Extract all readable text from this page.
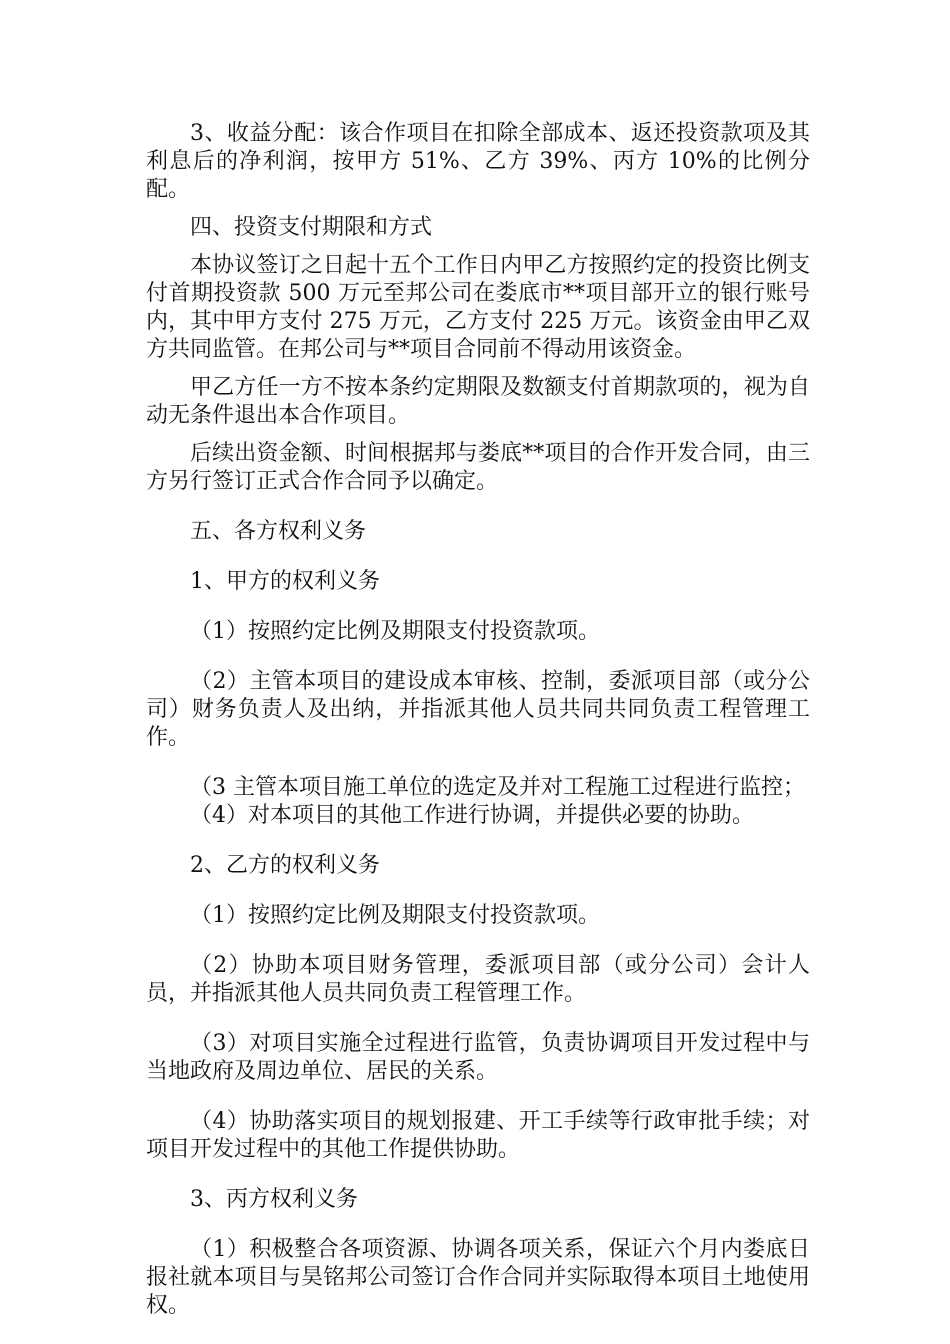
3、收益分配：该合作项目在扣除全部成本、返还投资款项及其利息后的净利润，按甲方 51%、乙方 39%、丙方 10%的比例分配。

四、投资支付期限和方式

本协议签订之日起十五个工作日内甲乙方按照约定的投资比例支付首期投资款 500 万元至邦公司在娄底市**项目部开立的银行账号内，其中甲方支付 275 万元，乙方支付 225 万元。该资金由甲乙双方共同监管。在邦公司与**项目合同前不得动用该资金。

甲乙方任一方不按本条约定期限及数额支付首期款项的，视为自动无条件退出本合作项目。

后续出资金额、时间根据邦与娄底**项目的合作开发合同，由三方另行签订正式合作合同予以确定。

五、各方权利义务

1、甲方的权利义务

（1）按照约定比例及期限支付投资款项。

（2）主管本项目的建设成本审核、控制，委派项目部（或分公司）财务负责人及出纳，并指派其他人员共同共同负责工程管理工作。

（3 主管本项目施工单位的选定及并对工程施工过程进行监控；

（4）对本项目的其他工作进行协调，并提供必要的协助。

2、乙方的权利义务

（1）按照约定比例及期限支付投资款项。

（2）协助本项目财务管理，委派项目部（或分公司）会计人员，并指派其他人员共同负责工程管理工作。

（3）对项目实施全过程进行监管，负责协调项目开发过程中与当地政府及周边单位、居民的关系。

（4）协助落实项目的规划报建、开工手续等行政审批手续；对项目开发过程中的其他工作提供协助。

3、丙方权利义务

（1）积极整合各项资源、协调各项关系，保证六个月内娄底日报社就本项目与昊铭邦公司签订合作合同并实际取得本项目土地使用权。
